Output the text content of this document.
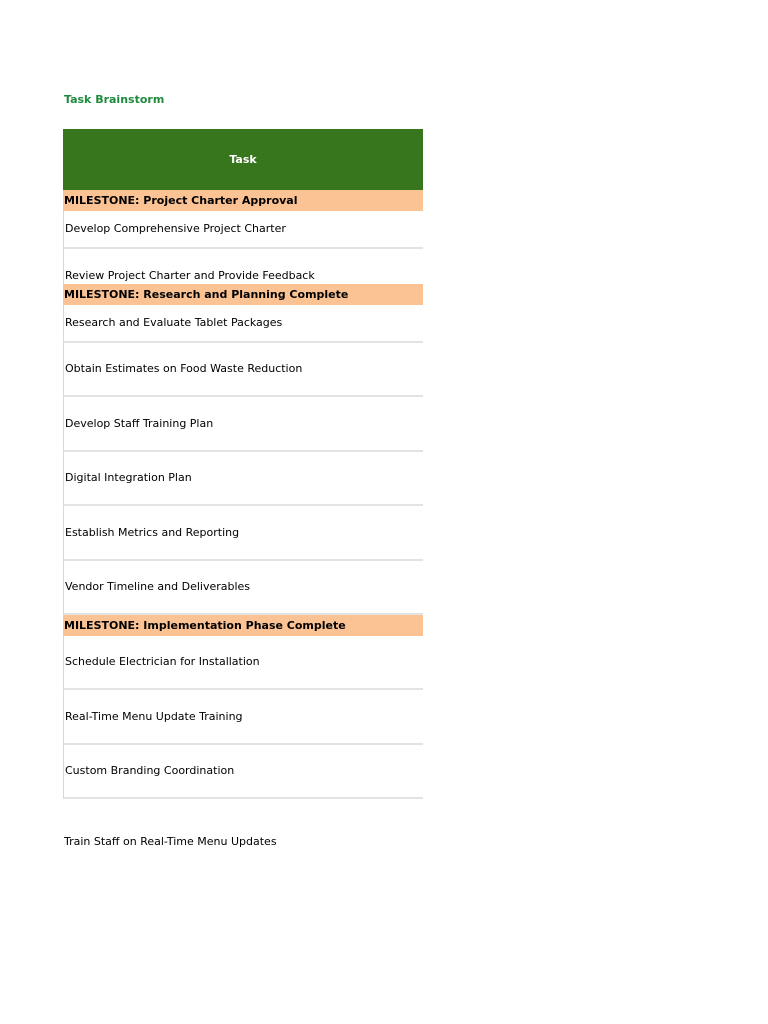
Task Brainstorm
Task
MILESTONE: Project Charter Approval
Develop Comprehensive Project Charter
Review Project Charter and Provide Feedback
MILESTONE: Research and Planning Complete
Research and Evaluate Tablet Packages
Obtain Estimates on Food Waste Reduction
Develop Staff Training Plan
Digital Integration Plan
Establish Metrics and Reporting
Vendor Timeline and Deliverables
MILESTONE: Implementation Phase Complete
Schedule Electrician for Installation
Real-Time Menu Update Training
Custom Branding Coordination
Train Staff on Real-Time Menu Updates
